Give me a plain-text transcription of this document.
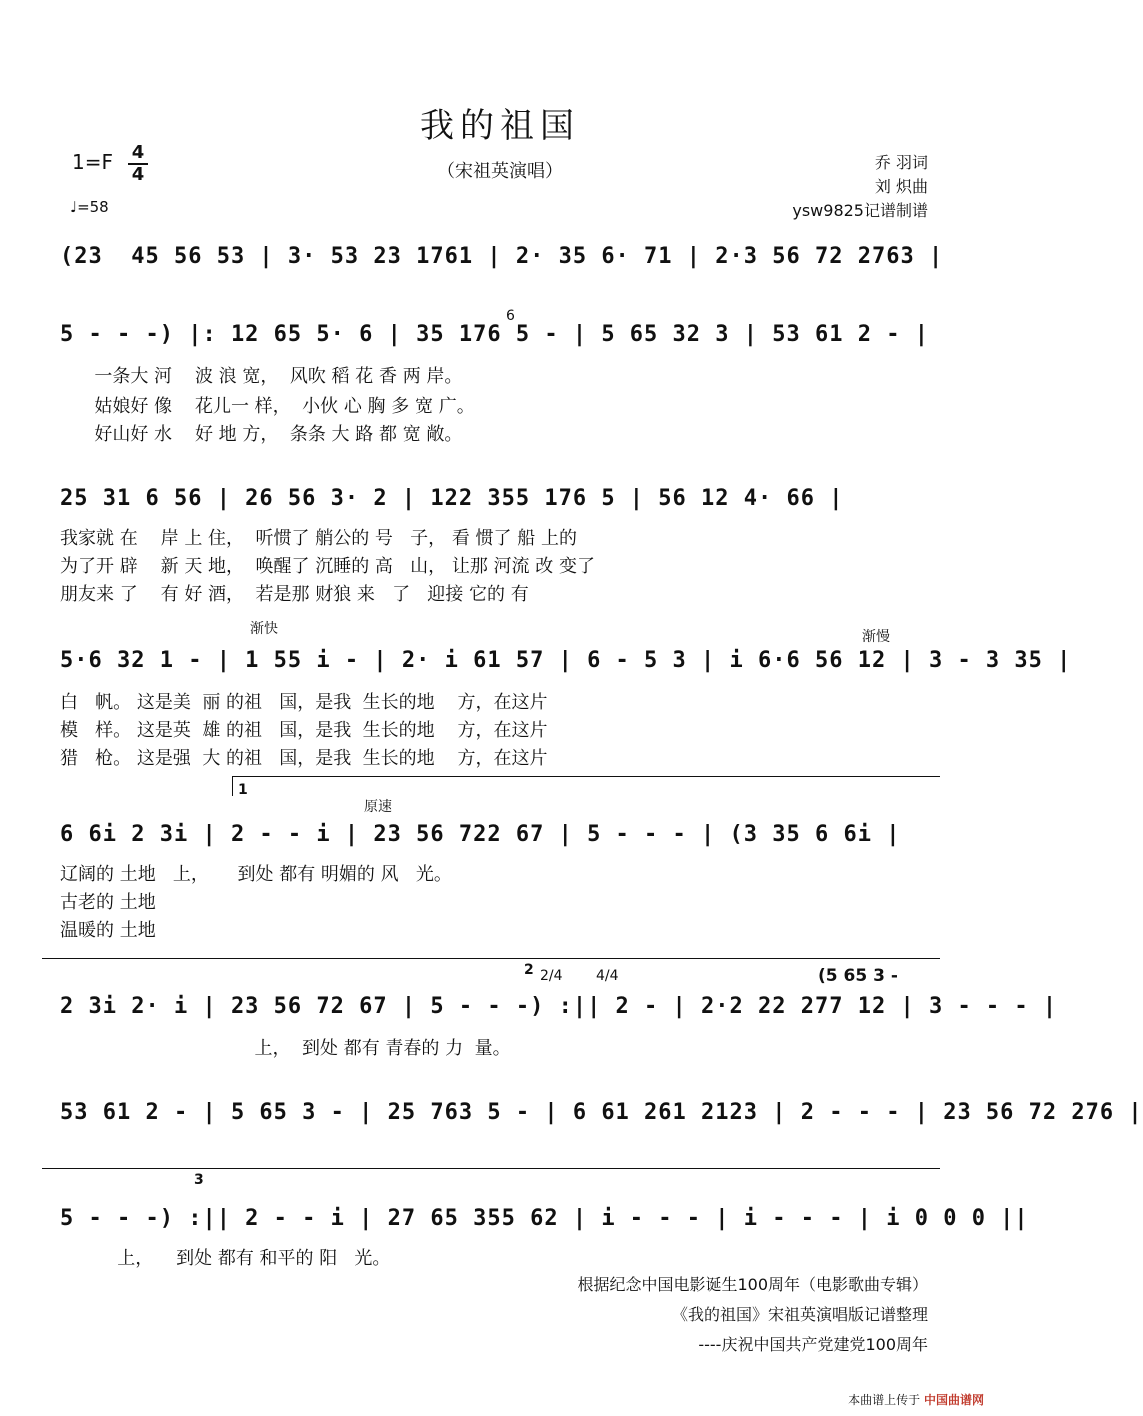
我的祖国
（宋祖英演唱）
1=F 4
4
♩=58
乔 羽词
刘 炽曲
ysw9825记谱制谱
(23  45 56 53 | 3· 53 23 1761 | 2· 35 6· 71 | 2·3 56 72 2763 |
5 - - -) |: 12 65 5· 6 | 35 176 5 - | 5 65 32 3 | 53 61 2 - |
6
一条大 河    波 浪 宽，  风吹 稻 花 香 两 岸。
姑娘好 像    花儿一 样，  小伙 心 胸 多 宽 广。
好山好 水    好 地 方，  条条 大 路 都 宽 敞。
25 31 6 56 | 26 56 3· 2 | 122 355 176 5 | 56 12 4· 66 |
我家就 在    岸 上 住，  听惯了 艄公的 号   子， 看 惯了 船 上的
为了开 辟    新 天 地，  唤醒了 沉睡的 高   山， 让那 河流 改 变了
朋友来 了    有 好 酒，  若是那 财狼 来   了   迎接 它的 有
渐快	渐慢
5·6 32 1 - | 1 55 i - | 2· i 61 57 | 6 - 5 3 | i 6·6 56 12 | 3 - 3 35 |
白   帆。 这是美  丽 的祖   国，是我  生长的地    方，在这片
模   样。 这是英  雄 的祖   国，是我  生长的地    方，在这片
猎   枪。 这是强  大 的祖   国，是我  生长的地    方，在这片
1
原速
6 6i 2 3i | 2 - - i | 23 56 722 67 | 5 - - - | (3 35 6 6i |
辽阔的 土地   上，     到处 都有 明媚的 风   光。
古老的 土地
温暖的 土地
2 2/4 4/4	(5 65 3 -
2 3i 2· i | 23 56 72 67 | 5 - - -) :|| 2 - | 2·2 22 277 12 | 3 - - - |
上，  到处 都有 青春的 力  量。
53 61 2 - | 5 65 3 - | 25 763 5 - | 6 61 261 2123 | 2 - - - | 23 56 72 276 |
3
5 - - -) :|| 2 - - i | 27 65 355 62 | i - - - | i - - - | i 0 0 0 ||
上，    到处 都有 和平的 阳   光。
根据纪念中国电影诞生100周年（电影歌曲专辑）
《我的祖国》宋祖英演唱版记谱整理
----庆祝中国共产党建党100周年
本曲谱上传于 中国曲谱网
